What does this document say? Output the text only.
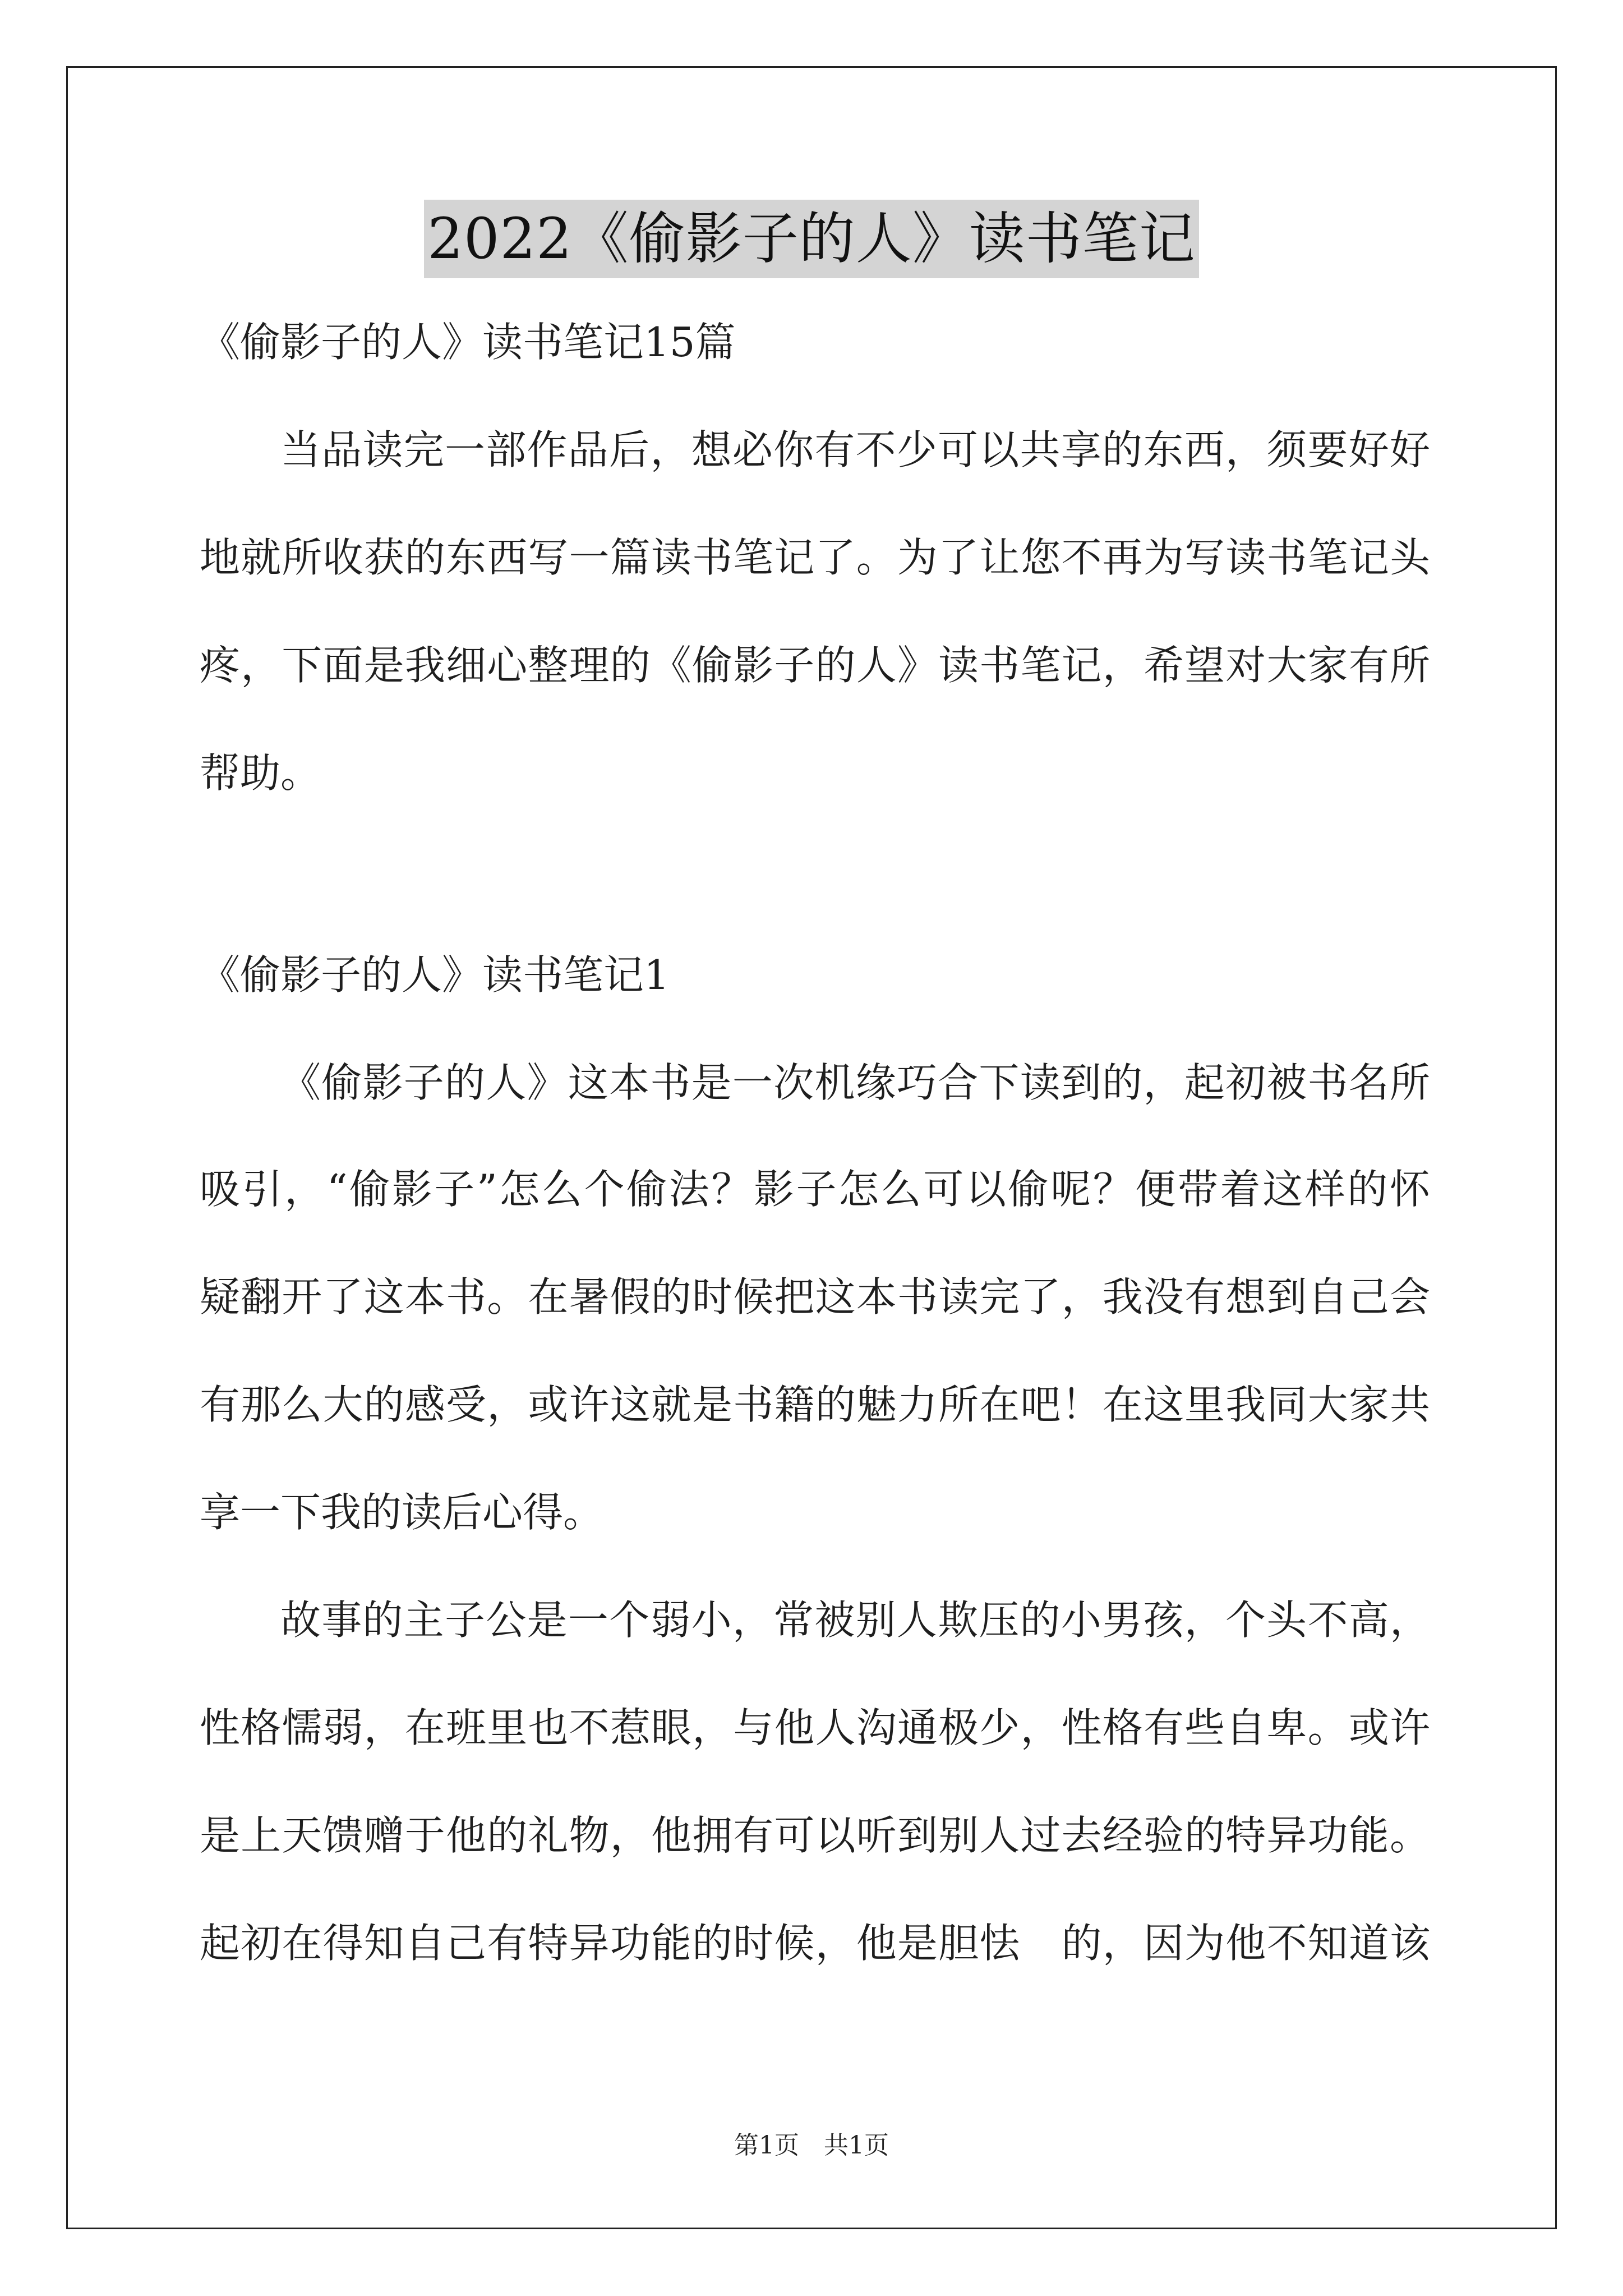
2022《偷影子的人》读书笔记
《偷影子的人》读书笔记15篇
当品读完一部作品后，想必你有不少可以共享的东西，须要好好
地就所收获的东西写一篇读书笔记了。为了让您不再为写读书笔记头
疼，下面是我细心整理的《偷影子的人》读书笔记，希望对大家有所
帮助。
《偷影子的人》读书笔记1
《偷影子的人》这本书是一次机缘巧合下读到的，起初被书名所
吸引，“偷影子”怎么个偷法？影子怎么可以偷呢？便带着这样的怀
疑翻开了这本书。在暑假的时候把这本书读完了，我没有想到自己会
有那么大的感受，或许这就是书籍的魅力所在吧！在这里我同大家共
享一下我的读后心得。
故事的主子公是一个弱小，常被别人欺压的小男孩，个头不高，
性格懦弱，在班里也不惹眼，与他人沟通极少，性格有些自卑。或许
是上天馈赠于他的礼物，他拥有可以听到别人过去经验的特异功能。
起初在得知自己有特异功能的时候，他是胆怯　的，因为他不知道该
第1页　共1页
